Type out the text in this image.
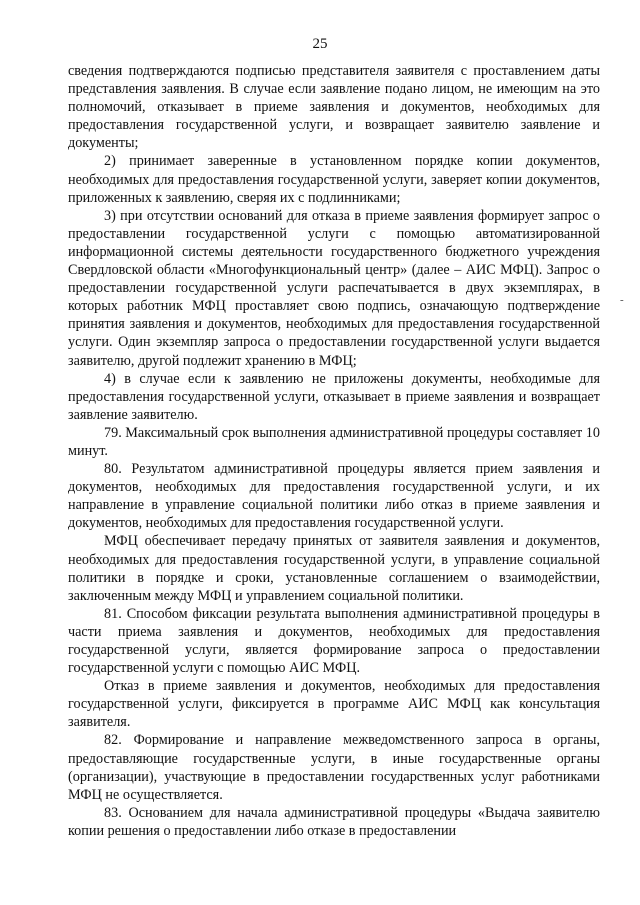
25

сведения подтверждаются подписью представителя заявителя с проставлением даты представления заявления. В случае если заявление подано лицом, не имеющим на это полномочий, отказывает в приеме заявления и документов, необходимых для предоставления государственной услуги, и возвращает заявителю заявление и документы;

2) принимает заверенные в установленном порядке копии документов, необходимых для предоставления государственной услуги, заверяет копии документов, приложенных к заявлению, сверяя их с подлинниками;

3) при отсутствии оснований для отказа в приеме заявления формирует запрос о предоставлении государственной услуги с помощью автоматизированной информационной системы деятельности государственного бюджетного учреждения Свердловской области «Многофункциональный центр» (далее – АИС МФЦ). Запрос о предоставлении государственной услуги распечатывается в двух экземплярах, в которых работник МФЦ проставляет свою подпись, означающую подтверждение принятия заявления и документов, необходимых для предоставления государственной услуги. Один экземпляр запроса о предоставлении государственной услуги выдается заявителю, другой подлежит хранению в МФЦ;

4) в случае если к заявлению не приложены документы, необходимые для предоставления государственной услуги, отказывает в приеме заявления и возвращает заявление заявителю.

79. Максимальный срок выполнения административной процедуры составляет 10 минут.

80. Результатом административной процедуры является прием заявления и документов, необходимых для предоставления государственной услуги, и их направление в управление социальной политики либо отказ в приеме заявления и документов, необходимых для предоставления государственной услуги.

МФЦ обеспечивает передачу принятых от заявителя заявления и документов, необходимых для предоставления государственной услуги, в управление социальной политики в порядке и сроки, установленные соглашением о взаимодействии, заключенным между МФЦ и управлением социальной политики.

81. Способом фиксации результата выполнения административной процедуры в части приема заявления и документов, необходимых для предоставления государственной услуги, является формирование запроса о предоставлении государственной услуги с помощью АИС МФЦ.

Отказ в приеме заявления и документов, необходимых для предоставления государственной услуги, фиксируется в программе АИС МФЦ как консультация заявителя.

82. Формирование и направление межведомственного запроса в органы, предоставляющие государственные услуги, в иные государственные органы (организации), участвующие в предоставлении государственных услуг работниками МФЦ не осуществляется.

83. Основанием для начала административной процедуры «Выдача заявителю копии решения о предоставлении либо отказе в предоставлении

-
